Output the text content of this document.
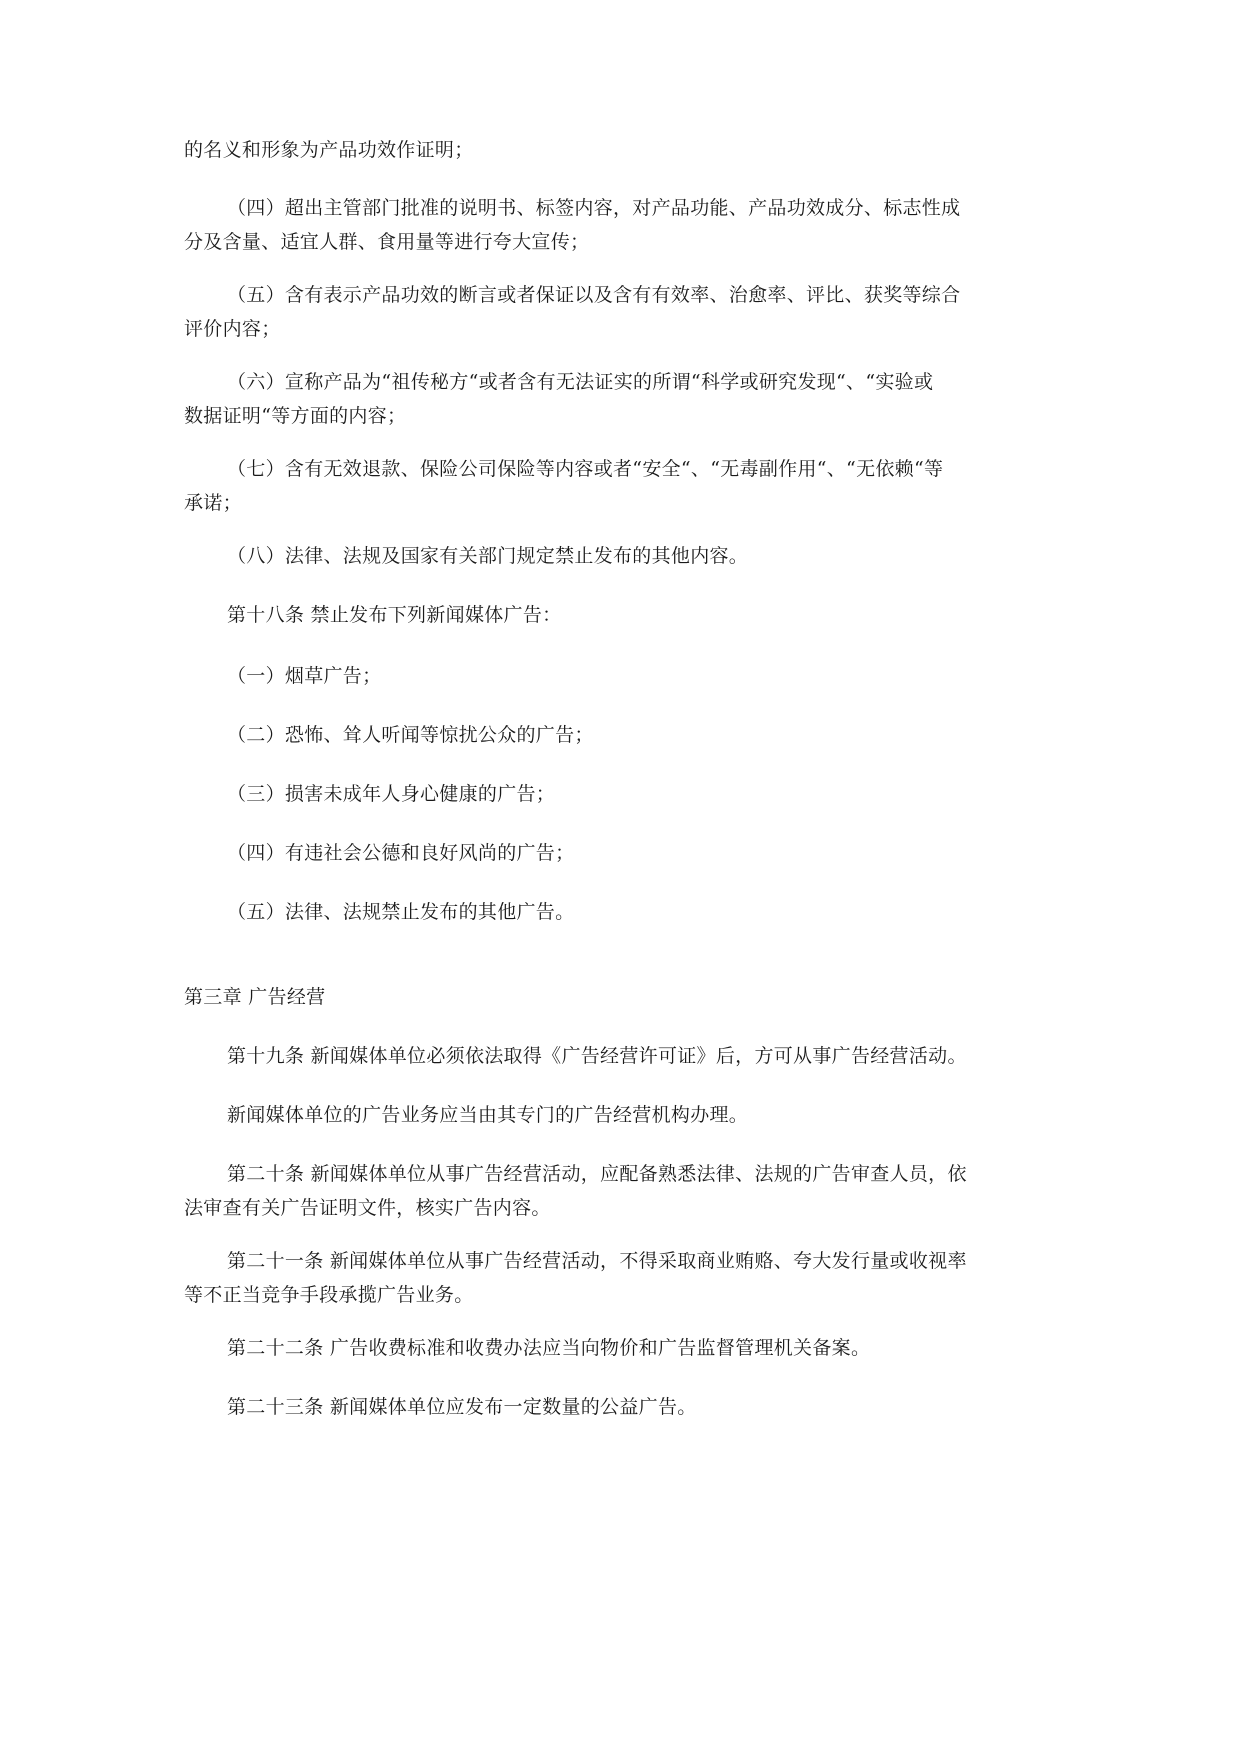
的名义和形象为产品功效作证明；

（四）超出主管部门批准的说明书、标签内容，对产品功能、产品功效成分、标志性成
分及含量、适宜人群、食用量等进行夸大宣传；

（五）含有表示产品功效的断言或者保证以及含有有效率、治愈率、评比、获奖等综合
评价内容；

（六）宣称产品为“祖传秘方“或者含有无法证实的所谓“科学或研究发现“、“实验或
数据证明“等方面的内容；

（七）含有无效退款、保险公司保险等内容或者“安全“、“无毒副作用“、“无依赖“等
承诺；

（八）法律、法规及国家有关部门规定禁止发布的其他内容。

第十八条 禁止发布下列新闻媒体广告：

（一）烟草广告；

（二）恐怖、耸人听闻等惊扰公众的广告；

（三）损害未成年人身心健康的广告；

（四）有违社会公德和良好风尚的广告；

（五）法律、法规禁止发布的其他广告。

第三章 广告经营

第十九条 新闻媒体单位必须依法取得《广告经营许可证》后，方可从事广告经营活动。

新闻媒体单位的广告业务应当由其专门的广告经营机构办理。

第二十条 新闻媒体单位从事广告经营活动，应配备熟悉法律、法规的广告审查人员，依
法审查有关广告证明文件，核实广告内容。

第二十一条 新闻媒体单位从事广告经营活动，不得采取商业贿赂、夸大发行量或收视率
等不正当竞争手段承揽广告业务。

第二十二条 广告收费标准和收费办法应当向物价和广告监督管理机关备案。

第二十三条 新闻媒体单位应发布一定数量的公益广告。
